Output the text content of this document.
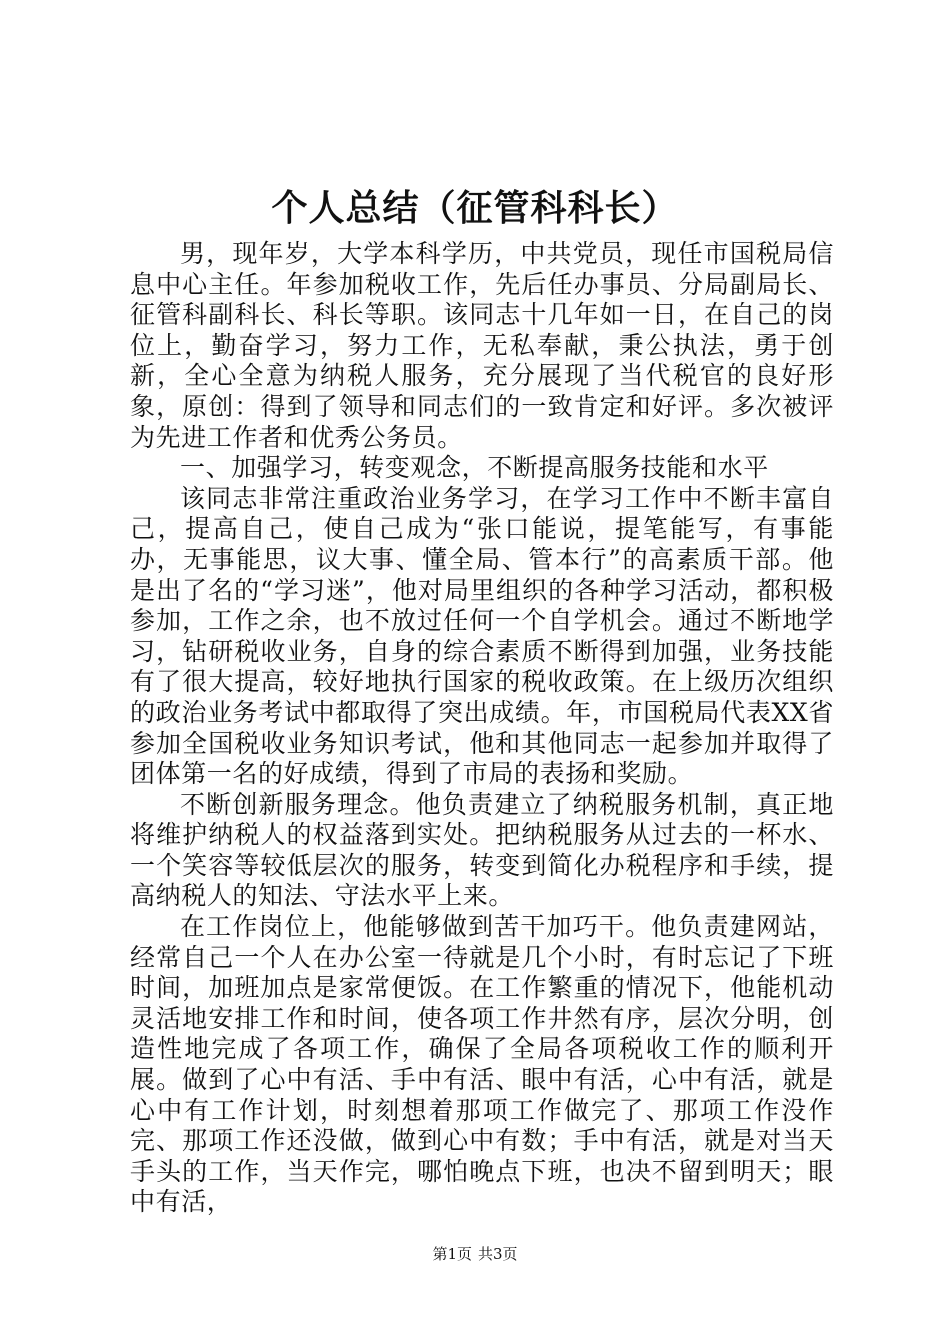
个人总结（征管科科长）

男，现年岁，大学本科学历，中共党员，现任市国税局信息中心主任。年参加税收工作，先后任办事员、分局副局长、征管科副科长、科长等职。该同志十几年如一日，在自己的岗位上，勤奋学习，努力工作，无私奉献，秉公执法，勇于创新，全心全意为纳税人服务，充分展现了当代税官的良好形象，原创：得到了领导和同志们的一致肯定和好评。多次被评为先进工作者和优秀公务员。

一、加强学习，转变观念，不断提高服务技能和水平

该同志非常注重政治业务学习，在学习工作中不断丰富自己，提高自己，使自己成为“张口能说，提笔能写，有事能办，无事能思，议大事、懂全局、管本行”的高素质干部。他是出了名的“学习迷”，他对局里组织的各种学习活动，都积极参加，工作之余，也不放过任何一个自学机会。通过不断地学习，钻研税收业务，自身的综合素质不断得到加强，业务技能有了很大提高，较好地执行国家的税收政策。在上级历次组织的政治业务考试中都取得了突出成绩。年，市国税局代表XX省参加全国税收业务知识考试，他和其他同志一起参加并取得了团体第一名的好成绩，得到了市局的表扬和奖励。

不断创新服务理念。他负责建立了纳税服务机制，真正地将维护纳税人的权益落到实处。把纳税服务从过去的一杯水、一个笑容等较低层次的服务，转变到简化办税程序和手续，提高纳税人的知法、守法水平上来。

在工作岗位上，他能够做到苦干加巧干。他负责建网站，经常自己一个人在办公室一待就是几个小时，有时忘记了下班时间，加班加点是家常便饭。在工作繁重的情况下，他能机动灵活地安排工作和时间，使各项工作井然有序，层次分明，创造性地完成了各项工作，确保了全局各项税收工作的顺利开展。做到了心中有活、手中有活、眼中有活，心中有活，就是心中有工作计划，时刻想着那项工作做完了、那项工作没作完、那项工作还没做，做到心中有数；手中有活，就是对当天手头的工作，当天作完，哪怕晚点下班，也决不留到明天；眼中有活，

第1页 共3页
